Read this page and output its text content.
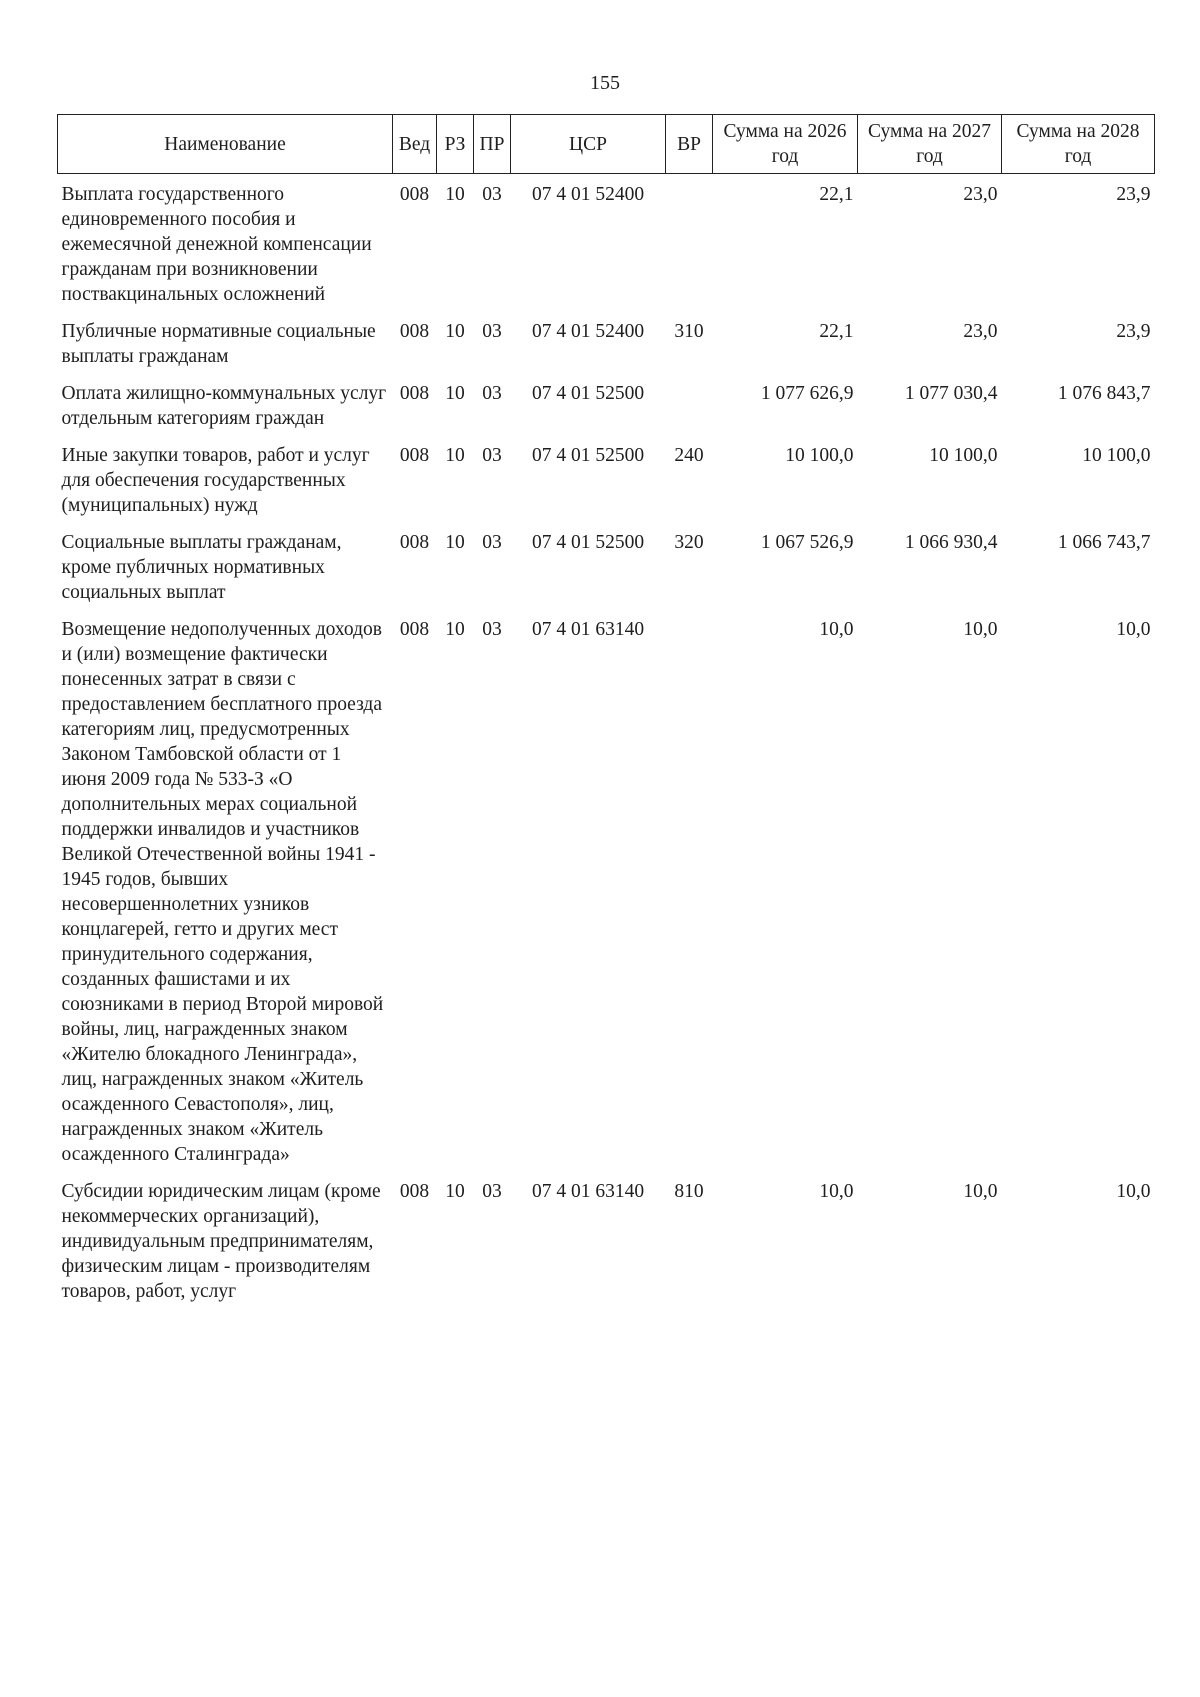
155
Наименование	Вед	РЗ	ПР	ЦСР	ВР	Сумма на 2026 год	Сумма на 2027 год	Сумма на 2028 год
Выплата государственного единовременного пособия и ежемесячной денежной компенсации гражданам при возникновении поствакцинальных осложнений	008	10	03	07 4 01 52400		22,1	23,0	23,9
Публичные нормативные социальные выплаты гражданам	008	10	03	07 4 01 52400	310	22,1	23,0	23,9
Оплата жилищно-коммунальных услуг отдельным категориям граждан	008	10	03	07 4 01 52500		1 077 626,9	1 077 030,4	1 076 843,7
Иные закупки товаров, работ и услуг для обеспечения государственных (муниципальных) нужд	008	10	03	07 4 01 52500	240	10 100,0	10 100,0	10 100,0
Социальные выплаты гражданам, кроме публичных нормативных социальных выплат	008	10	03	07 4 01 52500	320	1 067 526,9	1 066 930,4	1 066 743,7
Возмещение недополученных доходов и (или) возмещение фактически понесенных затрат в связи с предоставлением бесплатного проезда категориям лиц, предусмотренных Законом Тамбовской области от 1 июня 2009 года № 533-З «О дополнительных мерах социальной поддержки инвалидов и участников Великой Отечественной войны 1941 - 1945 годов, бывших несовершеннолетних узников концлагерей, гетто и других мест принудительного содержания, созданных фашистами и их союзниками в период Второй мировой войны, лиц, награжденных знаком «Жителю блокадного Ленинграда», лиц, награжденных знаком «Житель осажденного Севастополя», лиц, награжденных знаком «Житель осажденного Сталинграда»	008	10	03	07 4 01 63140		10,0	10,0	10,0
Субсидии юридическим лицам (кроме некоммерческих организаций), индивидуальным предпринимателям, физическим лицам - производителям товаров, работ, услуг	008	10	03	07 4 01 63140	810	10,0	10,0	10,0
